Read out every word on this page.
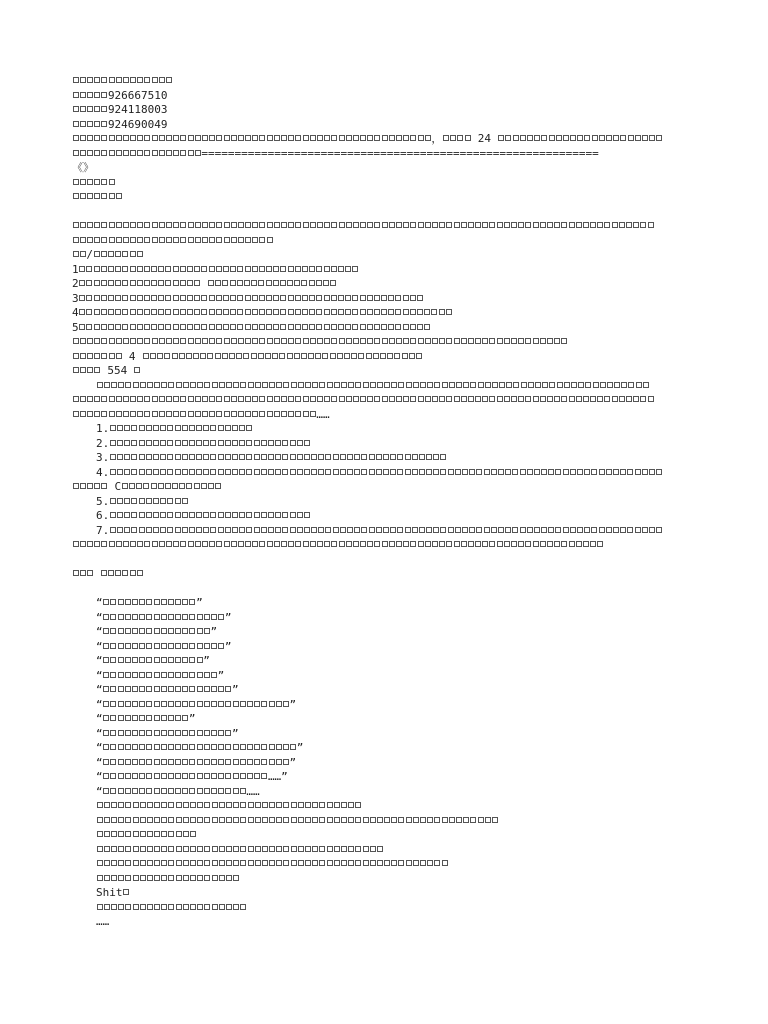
926667510
924118003
924690049
，	24
============================================================
《》
/
1
2
3
4
5
4
554
……
1.
2.
3.
4.
C
5.
6.
7.

“	”
“	”
“	”
“	”
“	”
“	”
“	”
“	”
“	”
“	”
“	”
“	”
“	……”
“	……
Shit
……
